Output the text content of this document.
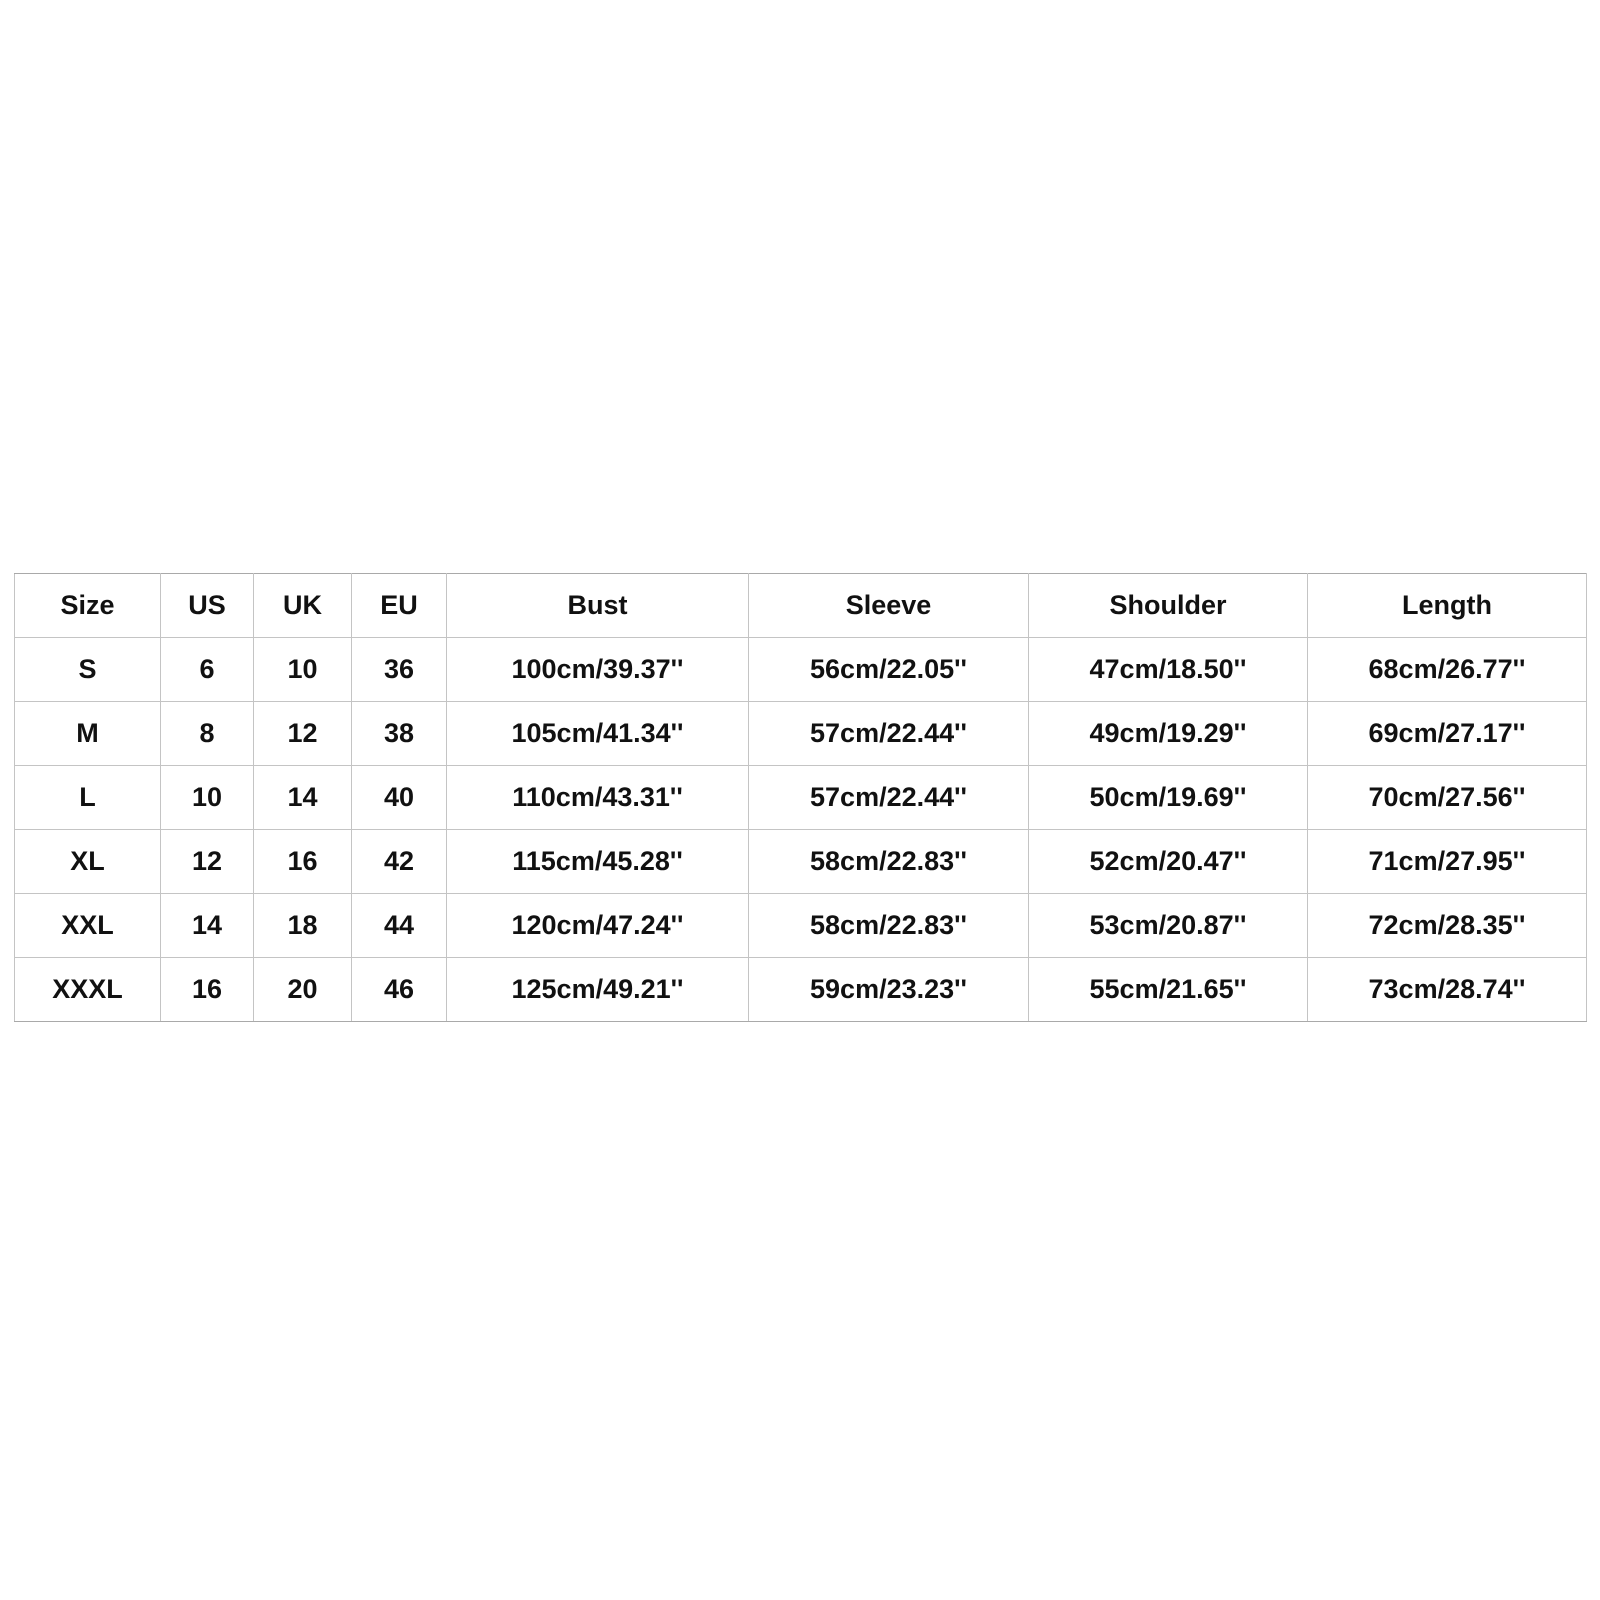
Size	US	UK	EU	Bust	Sleeve	Shoulder	Length
S	6	10	36	100cm/39.37''	56cm/22.05''	47cm/18.50''	68cm/26.77''
M	8	12	38	105cm/41.34''	57cm/22.44''	49cm/19.29''	69cm/27.17''
L	10	14	40	110cm/43.31''	57cm/22.44''	50cm/19.69''	70cm/27.56''
XL	12	16	42	115cm/45.28''	58cm/22.83''	52cm/20.47''	71cm/27.95''
XXL	14	18	44	120cm/47.24''	58cm/22.83''	53cm/20.87''	72cm/28.35''
XXXL	16	20	46	125cm/49.21''	59cm/23.23''	55cm/21.65''	73cm/28.74''
